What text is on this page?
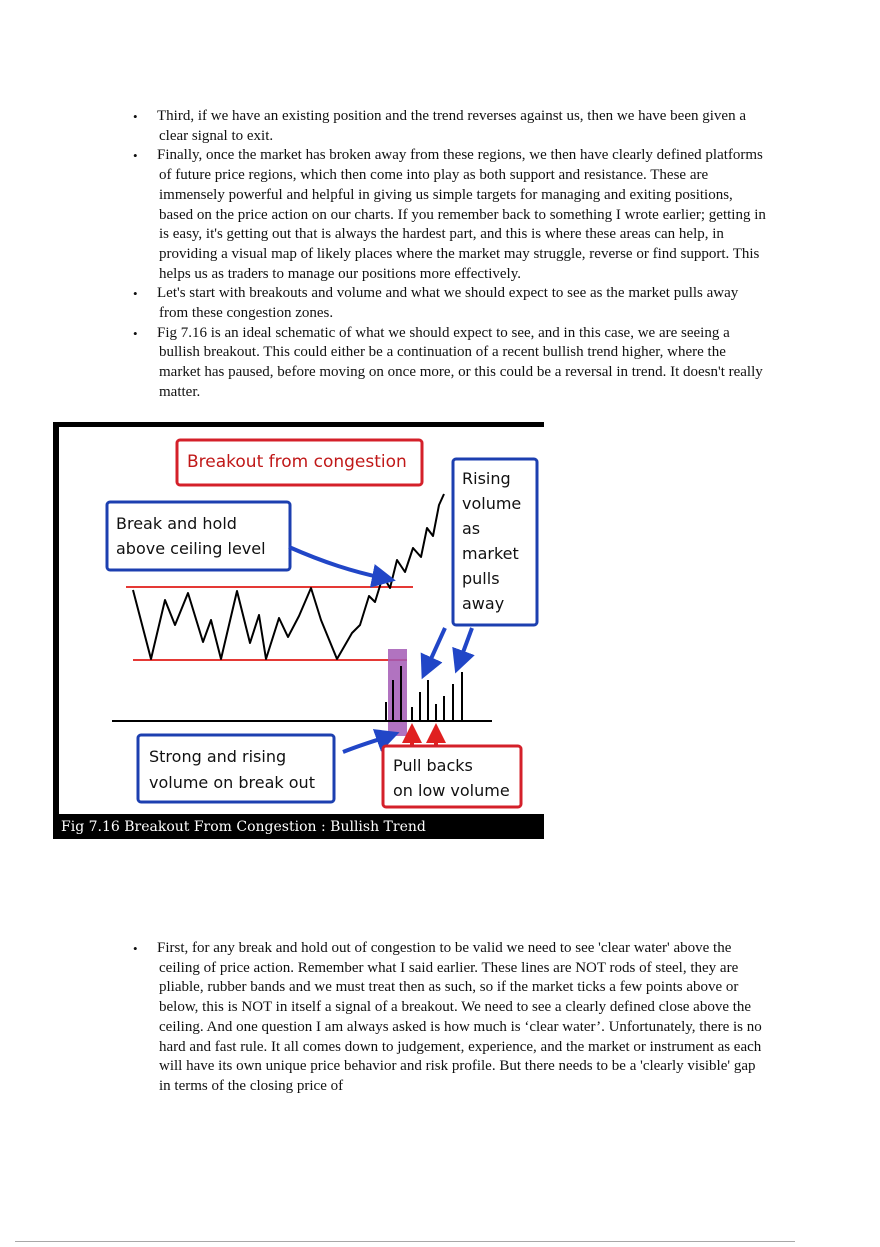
• Third, if we have an existing position and the trend reverses against us, then we have been given a clear signal to exit.
• Finally, once the market has broken away from these regions, we then have clearly defined platforms of future price regions, which then come into play as both support and resistance. These are immensely powerful and helpful in giving us simple targets for managing and exiting positions, based on the price action on our charts. If you remember back to something I wrote earlier; getting in is easy, it's getting out that is always the hardest part, and this is where these areas can help, in providing a visual map of likely places where the market may struggle, reverse or find support. This helps us as traders to manage our positions more effectively.
• Let's start with breakouts and volume and what we should expect to see as the market pulls away from these congestion zones.
• Fig 7.16 is an ideal schematic of what we should expect to see, and in this case, we are seeing a bullish breakout. This could either be a continuation of a recent bullish trend higher, where the market has paused, before moving on once more, or this could be a reversal in trend. It doesn't really matter.
Breakout from congestion
Break and hold
above ceiling level
Rising
volume
as
market
pulls
away
Strong and rising
volume on break out
Pull backs
on low volume
Fig 7.16 Breakout From Congestion : Bullish Trend
• First, for any break and hold out of congestion to be valid we need to see 'clear water' above the ceiling of price action. Remember what I said earlier. These lines are NOT rods of steel, they are pliable, rubber bands and we must treat then as such, so if the market ticks a few points above or below, this is NOT in itself a signal of a breakout. We need to see a clearly defined close above the ceiling. And one question I am always asked is how much is ‘clear water’. Unfortunately, there is no hard and fast rule. It all comes down to judgement, experience, and the market or instrument as each will have its own unique price behavior and risk profile. But there needs to be a 'clearly visible' gap in terms of the closing price of
